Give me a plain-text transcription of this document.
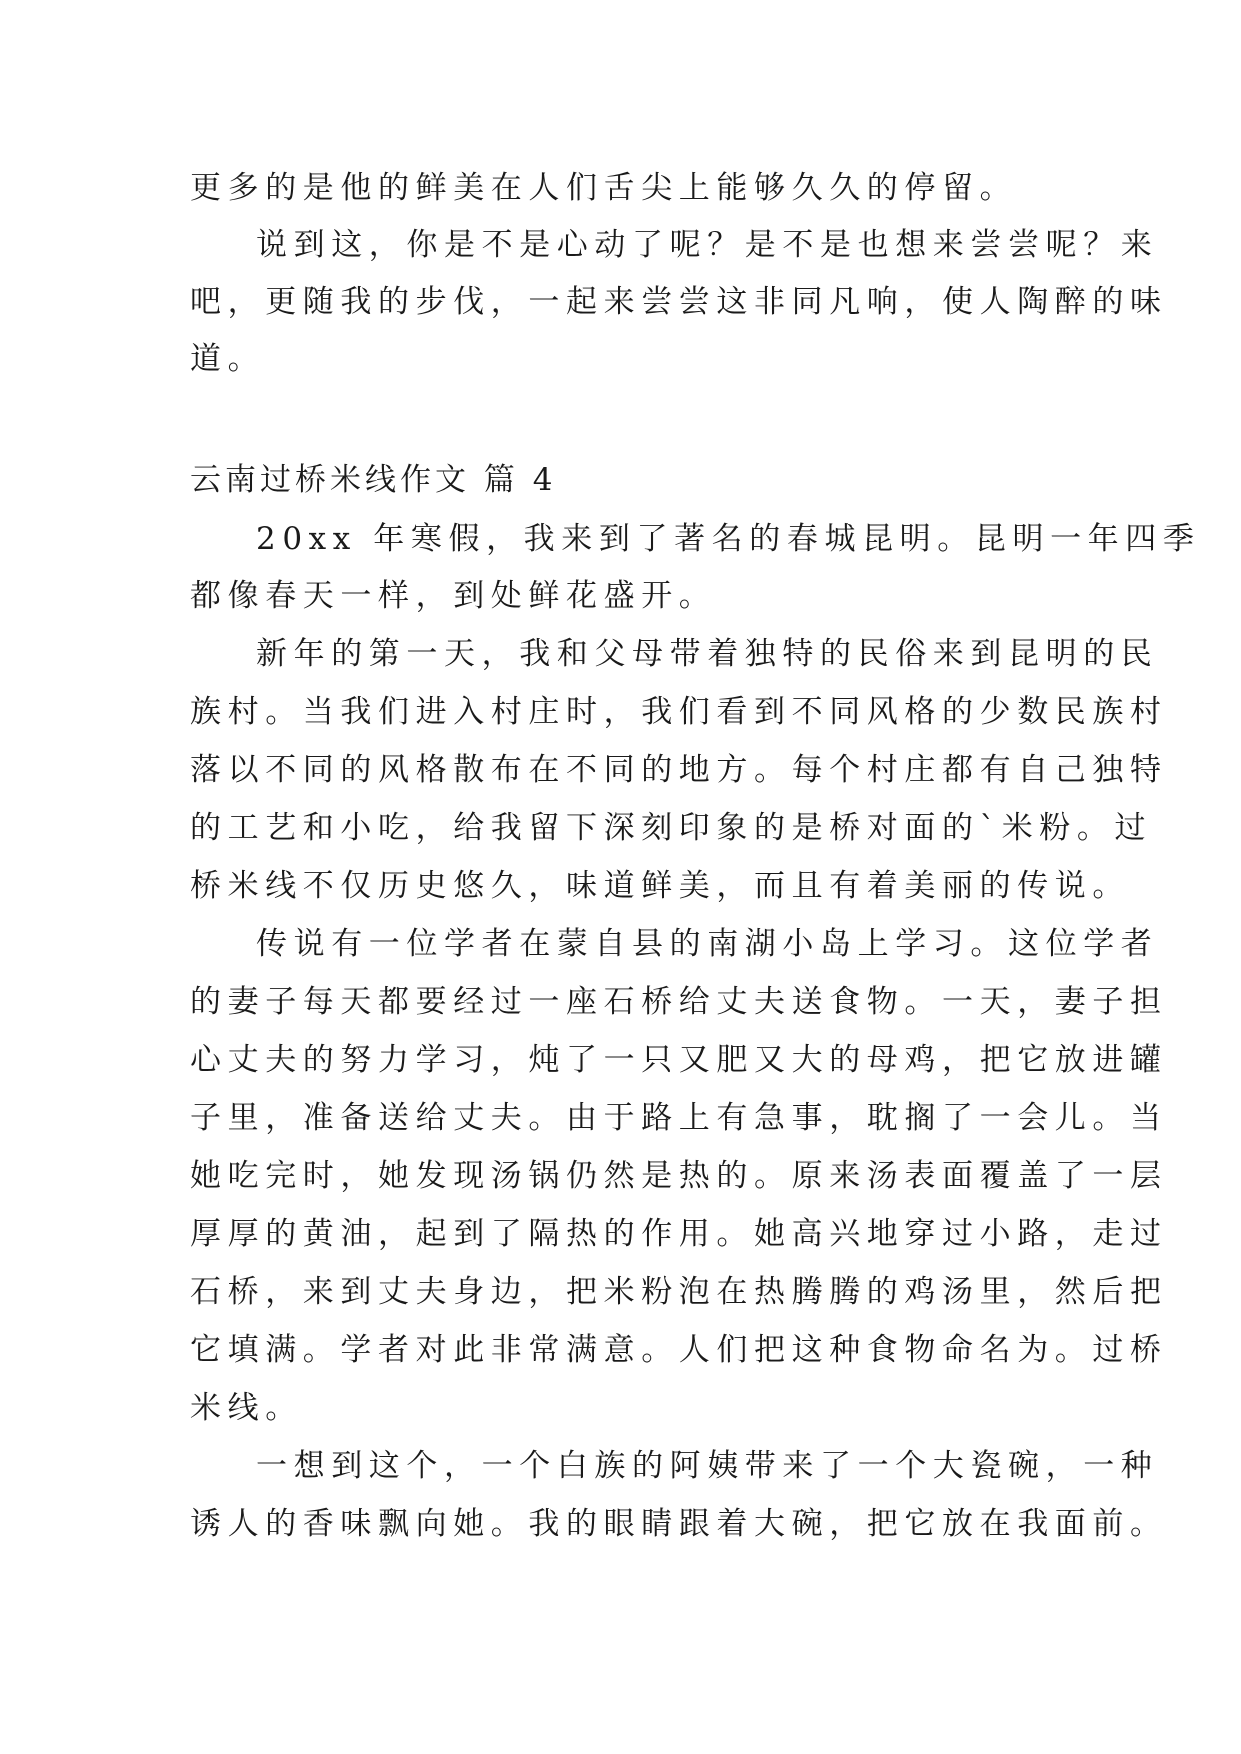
更多的是他的鲜美在人们舌尖上能够久久的停留。
说到这，你是不是心动了呢？是不是也想来尝尝呢？来
吧，更随我的步伐，一起来尝尝这非同凡响，使人陶醉的味
道。
云南过桥米线作文 篇 4
20xx 年寒假，我来到了著名的春城昆明。昆明一年四季
都像春天一样，到处鲜花盛开。
新年的第一天，我和父母带着独特的民俗来到昆明的民
族村。当我们进入村庄时，我们看到不同风格的少数民族村
落以不同的风格散布在不同的地方。每个村庄都有自己独特
的工艺和小吃，给我留下深刻印象的是桥对面的`米粉。过
桥米线不仅历史悠久，味道鲜美，而且有着美丽的传说。
传说有一位学者在蒙自县的南湖小岛上学习。这位学者
的妻子每天都要经过一座石桥给丈夫送食物。一天，妻子担
心丈夫的努力学习，炖了一只又肥又大的母鸡，把它放进罐
子里，准备送给丈夫。由于路上有急事，耽搁了一会儿。当
她吃完时，她发现汤锅仍然是热的。原来汤表面覆盖了一层
厚厚的黄油，起到了隔热的作用。她高兴地穿过小路，走过
石桥，来到丈夫身边，把米粉泡在热腾腾的鸡汤里，然后把
它填满。学者对此非常满意。人们把这种食物命名为。过桥
米线。
一想到这个，一个白族的阿姨带来了一个大瓷碗，一种
诱人的香味飘向她。我的眼睛跟着大碗，把它放在我面前。
